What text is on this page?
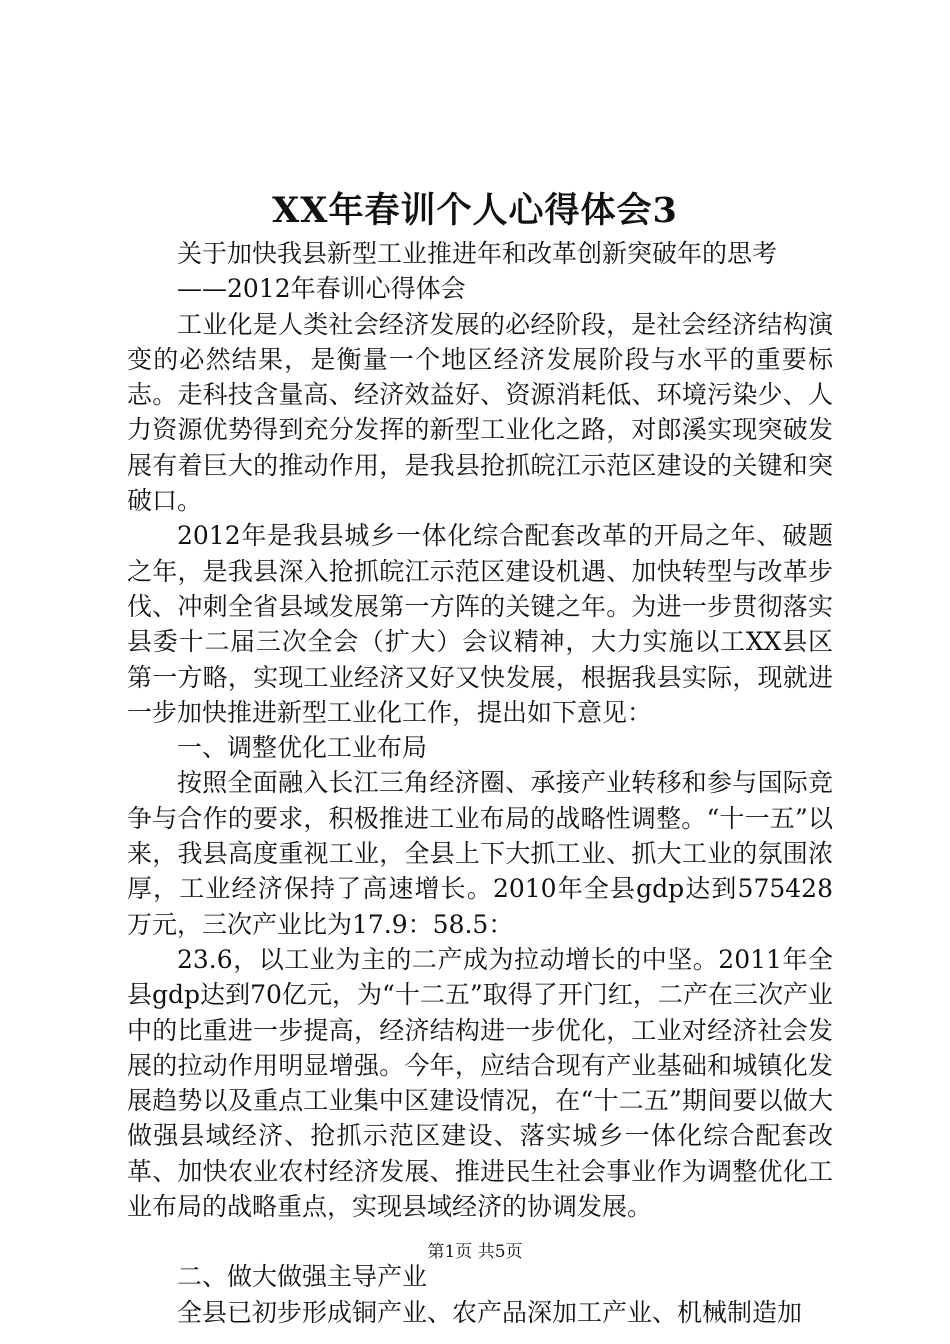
XX年春训个人心得体会3

关于加快我县新型工业推进年和改革创新突破年的思考

——2012年春训心得体会

工业化是人类社会经济发展的必经阶段，是社会经济结构演变的必然结果，是衡量一个地区经济发展阶段与水平的重要标志。走科技含量高、经济效益好、资源消耗低、环境污染少、人力资源优势得到充分发挥的新型工业化之路，对郎溪实现突破发展有着巨大的推动作用，是我县抢抓皖江示范区建设的关键和突破口。

2012年是我县城乡一体化综合配套改革的开局之年、破题之年，是我县深入抢抓皖江示范区建设机遇、加快转型与改革步伐、冲刺全省县域发展第一方阵的关键之年。为进一步贯彻落实县委十二届三次全会（扩大）会议精神，大力实施以工XX县区第一方略，实现工业经济又好又快发展，根据我县实际，现就进一步加快推进新型工业化工作，提出如下意见：

一、调整优化工业布局

按照全面融入长江三角经济圈、承接产业转移和参与国际竞争与合作的要求，积极推进工业布局的战略性调整。“十一五”以来，我县高度重视工业，全县上下大抓工业、抓大工业的氛围浓厚，工业经济保持了高速增长。2010年全县gdp达到575428万元，三次产业比为17.9：58.5：

23.6，以工业为主的二产成为拉动增长的中坚。2011年全县gdp达到70亿元，为“十二五”取得了开门红，二产在三次产业中的比重进一步提高，经济结构进一步优化，工业对经济社会发展的拉动作用明显增强。今年，应结合现有产业基础和城镇化发展趋势以及重点工业集中区建设情况，在“十二五”期间要以做大做强县域经济、抢抓示范区建设、落实城乡一体化综合配套改革、加快农业农村经济发展、推进民生社会事业作为调整优化工业布局的战略重点，实现县域经济的协调发展。

二、做大做强主导产业

全县已初步形成铜产业、农产品深加工产业、机械制造加

第1页 共5页
